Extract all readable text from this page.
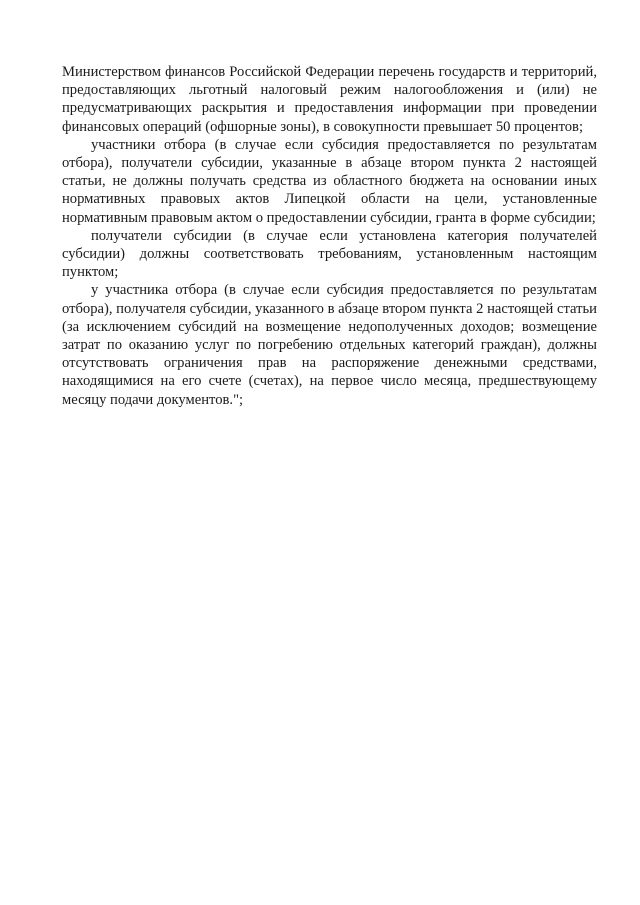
Министерством финансов Российской Федерации перечень государств и территорий, предоставляющих льготный налоговый режим налогообложения и (или) не предусматривающих раскрытия и предоставления информации при проведении финансовых операций (офшорные зоны), в совокупности превышает 50 процентов;

участники отбора (в случае если субсидия предоставляется по результатам отбора), получатели субсидии, указанные в абзаце втором пункта 2 настоящей статьи, не должны получать средства из областного бюджета на основании иных нормативных правовых актов Липецкой области на цели, установленные нормативным правовым актом о предоставлении субсидии, гранта в форме субсидии;

получатели субсидии (в случае если установлена категория получателей субсидии) должны соответствовать требованиям, установленным настоящим пунктом;

у участника отбора (в случае если субсидия предоставляется по результатам отбора), получателя субсидии, указанного в абзаце втором пункта 2 настоящей статьи (за исключением субсидий на возмещение недополученных доходов; возмещение затрат по оказанию услуг по погребению отдельных категорий граждан), должны отсутствовать ограничения прав на распоряжение денежными средствами, находящимися на его счете (счетах), на первое число месяца, предшествующему месяцу подачи документов.";
